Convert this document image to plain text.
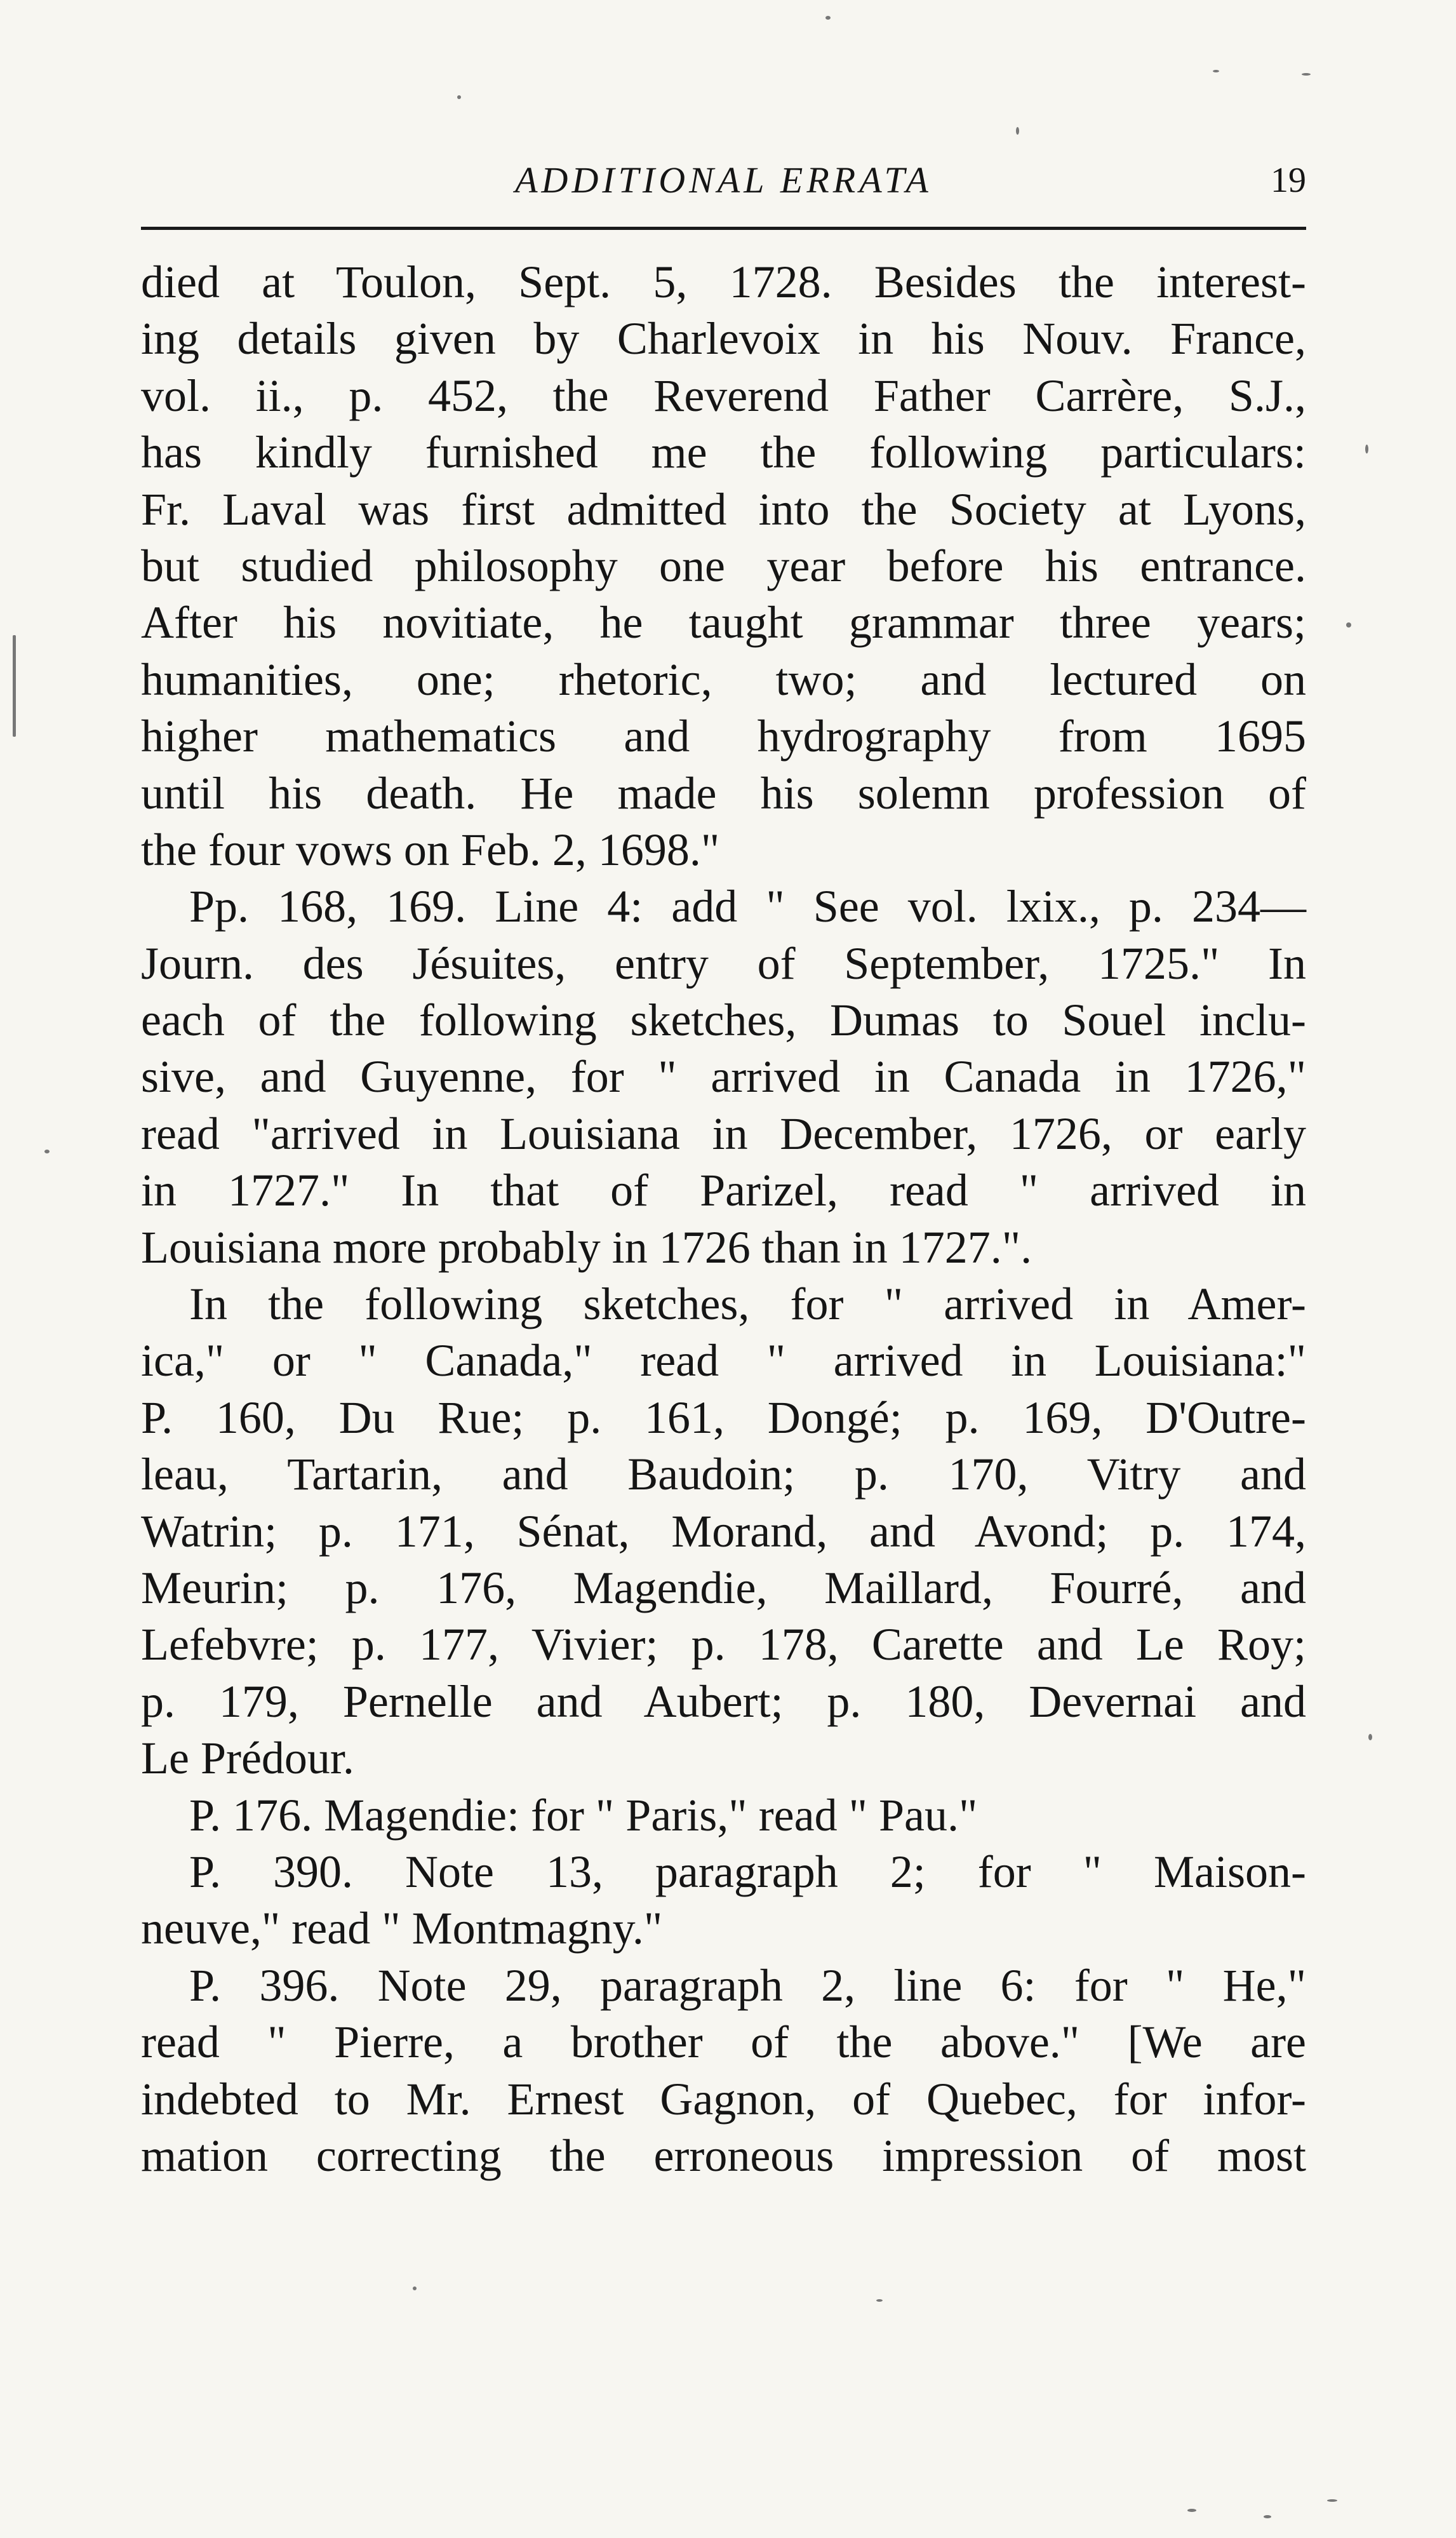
ADDITIONAL ERRATA	19
died at Toulon, Sept. 5, 1728. Besides the interest-
ing details given by Charlevoix in his Nouv. France,
vol. ii., p. 452, the Reverend Father Carrère, S.J.,
has kindly furnished me the following particulars:
Fr. Laval was first admitted into the Society at Lyons,
but studied philosophy one year before his entrance.
After his novitiate, he taught grammar three years;
humanities, one; rhetoric, two; and lectured on
higher mathematics and hydrography from 1695
until his death. He made his solemn profession of
the four vows on Feb. 2, 1698."
Pp. 168, 169. Line 4: add " See vol. lxix., p. 234—
Journ. des Jésuites, entry of September, 1725." In
each of the following sketches, Dumas to Souel inclu-
sive, and Guyenne, for " arrived in Canada in 1726,"
read "arrived in Louisiana in December, 1726, or early
in 1727." In that of Parizel, read " arrived in
Louisiana more probably in 1726 than in 1727.".
In the following sketches, for " arrived in Amer-
ica," or " Canada," read " arrived in Louisiana:"
P. 160, Du Rue; p. 161, Dongé; p. 169, D'Outre-
leau, Tartarin, and Baudoin; p. 170, Vitry and
Watrin; p. 171, Sénat, Morand, and Avond; p. 174,
Meurin; p. 176, Magendie, Maillard, Fourré, and
Lefebvre; p. 177, Vivier; p. 178, Carette and Le Roy;
p. 179, Pernelle and Aubert; p. 180, Devernai and
Le Prédour.
P. 176. Magendie: for " Paris," read " Pau."
P. 390. Note 13, paragraph 2; for " Maison-
neuve," read " Montmagny."
P. 396. Note 29, paragraph 2, line 6: for " He,"
read " Pierre, a brother of the above." [We are
indebted to Mr. Ernest Gagnon, of Quebec, for infor-
mation correcting the erroneous impression of most
